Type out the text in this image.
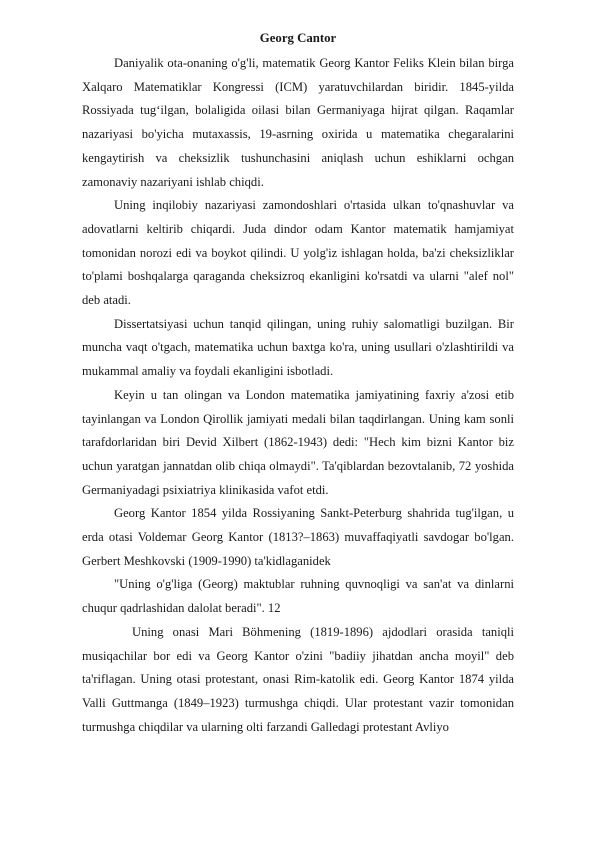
Georg Cantor

Daniyalik ota-onaning o'g'li, matematik Georg Kantor Feliks Klein bilan birga Xalqaro Matematiklar Kongressi (ICM) yaratuvchilardan biridir. 1845-yilda Rossiyada tug‘ilgan, bolaligida oilasi bilan Germaniyaga hijrat qilgan. Raqamlar nazariyasi bo'yicha mutaxassis, 19-asrning oxirida u matematika chegaralarini kengaytirish va cheksizlik tushunchasini aniqlash uchun eshiklarni ochgan zamonaviy nazariyani ishlab chiqdi.

Uning inqilobiy nazariyasi zamondoshlari o'rtasida ulkan to'qnashuvlar va adovatlarni keltirib chiqardi. Juda dindor odam Kantor matematik hamjamiyat tomonidan norozi edi va boykot qilindi. U yolg'iz ishlagan holda, ba'zi cheksizliklar to'plami boshqalarga qaraganda cheksizroq ekanligini ko'rsatdi va ularni "alef nol" deb atadi.

Dissertatsiyasi uchun tanqid qilingan, uning ruhiy salomatligi buzilgan. Bir muncha vaqt o'tgach, matematika uchun baxtga ko'ra, uning usullari o'zlashtirildi va mukammal amaliy va foydali ekanligini isbotladi.

Keyin u tan olingan va London matematika jamiyatining faxriy a'zosi etib tayinlangan va London Qirollik jamiyati medali bilan taqdirlangan. Uning kam sonli tarafdorlaridan biri Devid Xilbert (1862-1943) dedi: "Hech kim bizni Kantor biz uchun yaratgan jannatdan olib chiqa olmaydi". Ta'qiblardan bezovtalanib, 72 yoshida Germaniyadagi psixiatriya klinikasida vafot etdi.

Georg Kantor 1854 yilda Rossiyaning Sankt-Peterburg shahrida tug'ilgan, u erda otasi Voldemar Georg Kantor (1813?–1863) muvaffaqiyatli savdogar bo'lgan. Gerbert Meshkovski (1909-1990) ta'kidlaganidek

"Uning o'g'liga (Georg) maktublar ruhning quvnoqligi va san'at va dinlarni chuqur qadrlashidan dalolat beradi". 12

Uning onasi Mari Böhmening (1819-1896) ajdodlari orasida taniqli musiqachilar bor edi va Georg Kantor o'zini "badiiy jihatdan ancha moyil" deb ta'riflagan. Uning otasi protestant, onasi Rim-katolik edi. Georg Kantor 1874 yilda Valli Guttmanga (1849–1923) turmushga chiqdi. Ular protestant vazir tomonidan turmushga chiqdilar va ularning olti farzandi Galledagi protestant Avliyo
